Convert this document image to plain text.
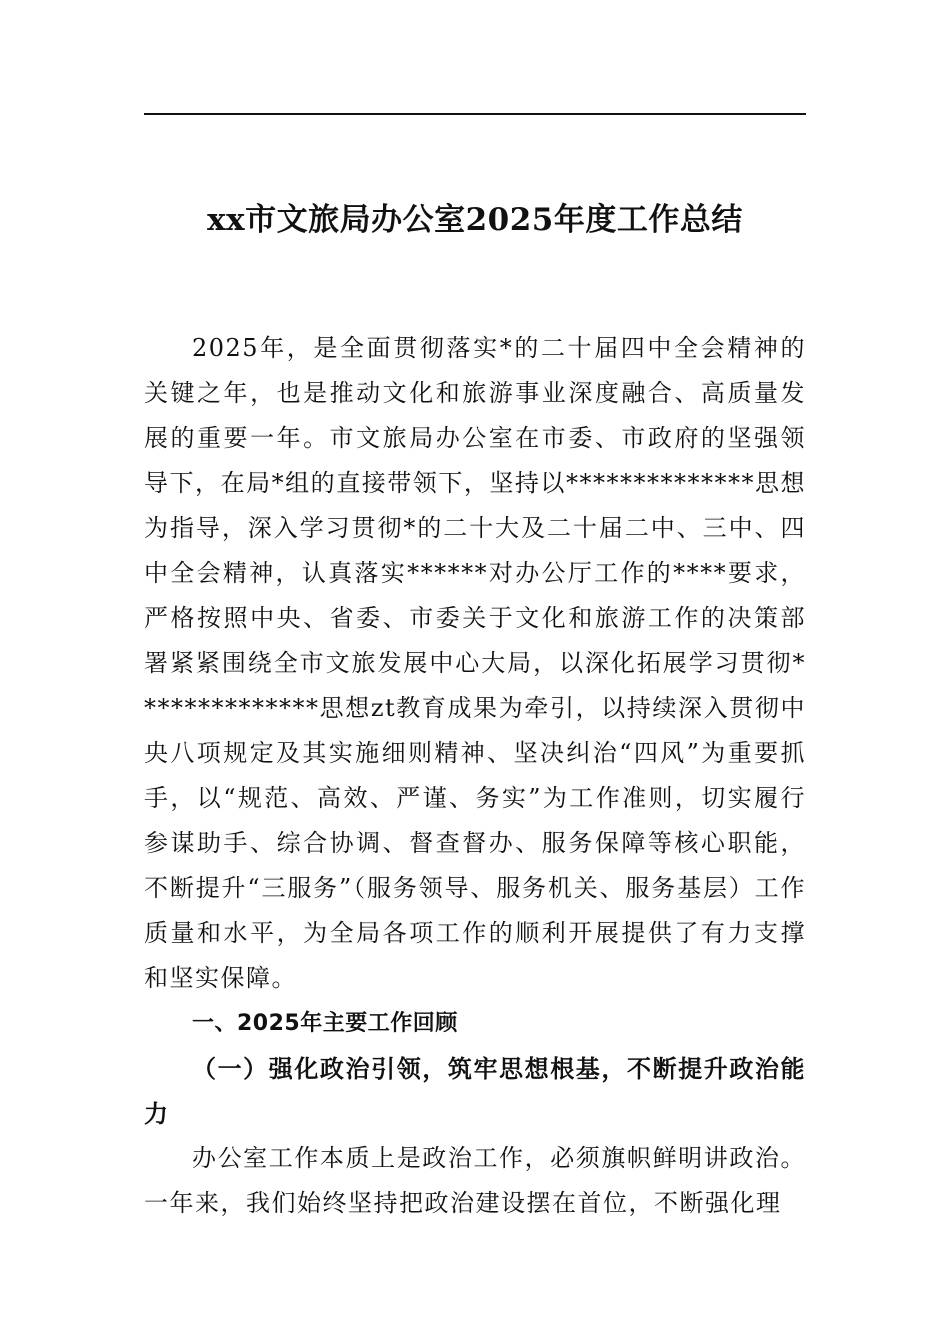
xx市文旅局办公室2025年度工作总结

2025年，是全面贯彻落实*的二十届四中全会精神的关键之年，也是推动文化和旅游事业深度融合、高质量发展的重要一年。市文旅局办公室在市委、市政府的坚强领导下，在局*组的直接带领下，坚持以**************思想为指导，深入学习贯彻*的二十大及二十届二中、三中、四中全会精神，认真落实******对办公厅工作的****要求，严格按照中央、省委、市委关于文化和旅游工作的决策部署紧紧围绕全市文旅发展中心大局，以深化拓展学习贯彻**************思想zt教育成果为牵引，以持续深入贯彻中央八项规定及其实施细则精神、坚决纠治“四风”为重要抓手，以“规范、高效、严谨、务实”为工作准则，切实履行参谋助手、综合协调、督查督办、服务保障等核心职能，不断提升“三服务”（服务领导、服务机关、服务基层）工作质量和水平，为全局各项工作的顺利开展提供了有力支撑和坚实保障。

一、2025年主要工作回顾

（一）强化政治引领，筑牢思想根基，不断提升政治能力

办公室工作本质上是政治工作，必须旗帜鲜明讲政治。一年来，我们始终坚持把政治建设摆在首位，不断强化理
